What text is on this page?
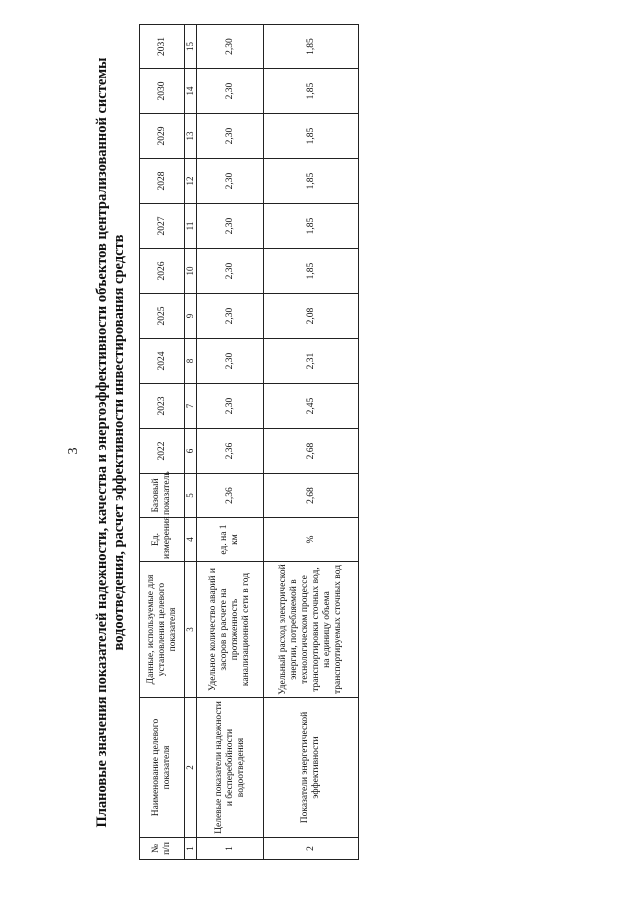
3 Плановые значения показателей надежности, качества и энергоэффективности объектов централизованной системы водоотведения, расчет эффективности инвестирования средств
№ п/п	Наименование целевого показателя	Данные, используемые для установления целевого показателя	Ед. измерения	Базовый показатель	2022	2023	2024	2025	2026	2027	2028	2029	2030	2031
1	2	3	4	5	6	7	8	9	10	11	12	13	14	15
1	Целевые показатели надежности и бесперебойности водоотведения	Удельное количество аварий и засоров в расчете на протяженность канализационной сети в год	ед. на 1 км	2,36	2,36	2,30	2,30	2,30	2,30	2,30	2,30	2,30	2,30	2,30
2	Показатели энергетической эффективности	Удельный расход электрической энергии, потребляемой в технологическом процессе транспортировки сточных вод, на единицу объема транспортируемых сточных вод	%	2,68	2,68	2,45	2,31	2,08	1,85	1,85	1,85	1,85	1,85	1,85
